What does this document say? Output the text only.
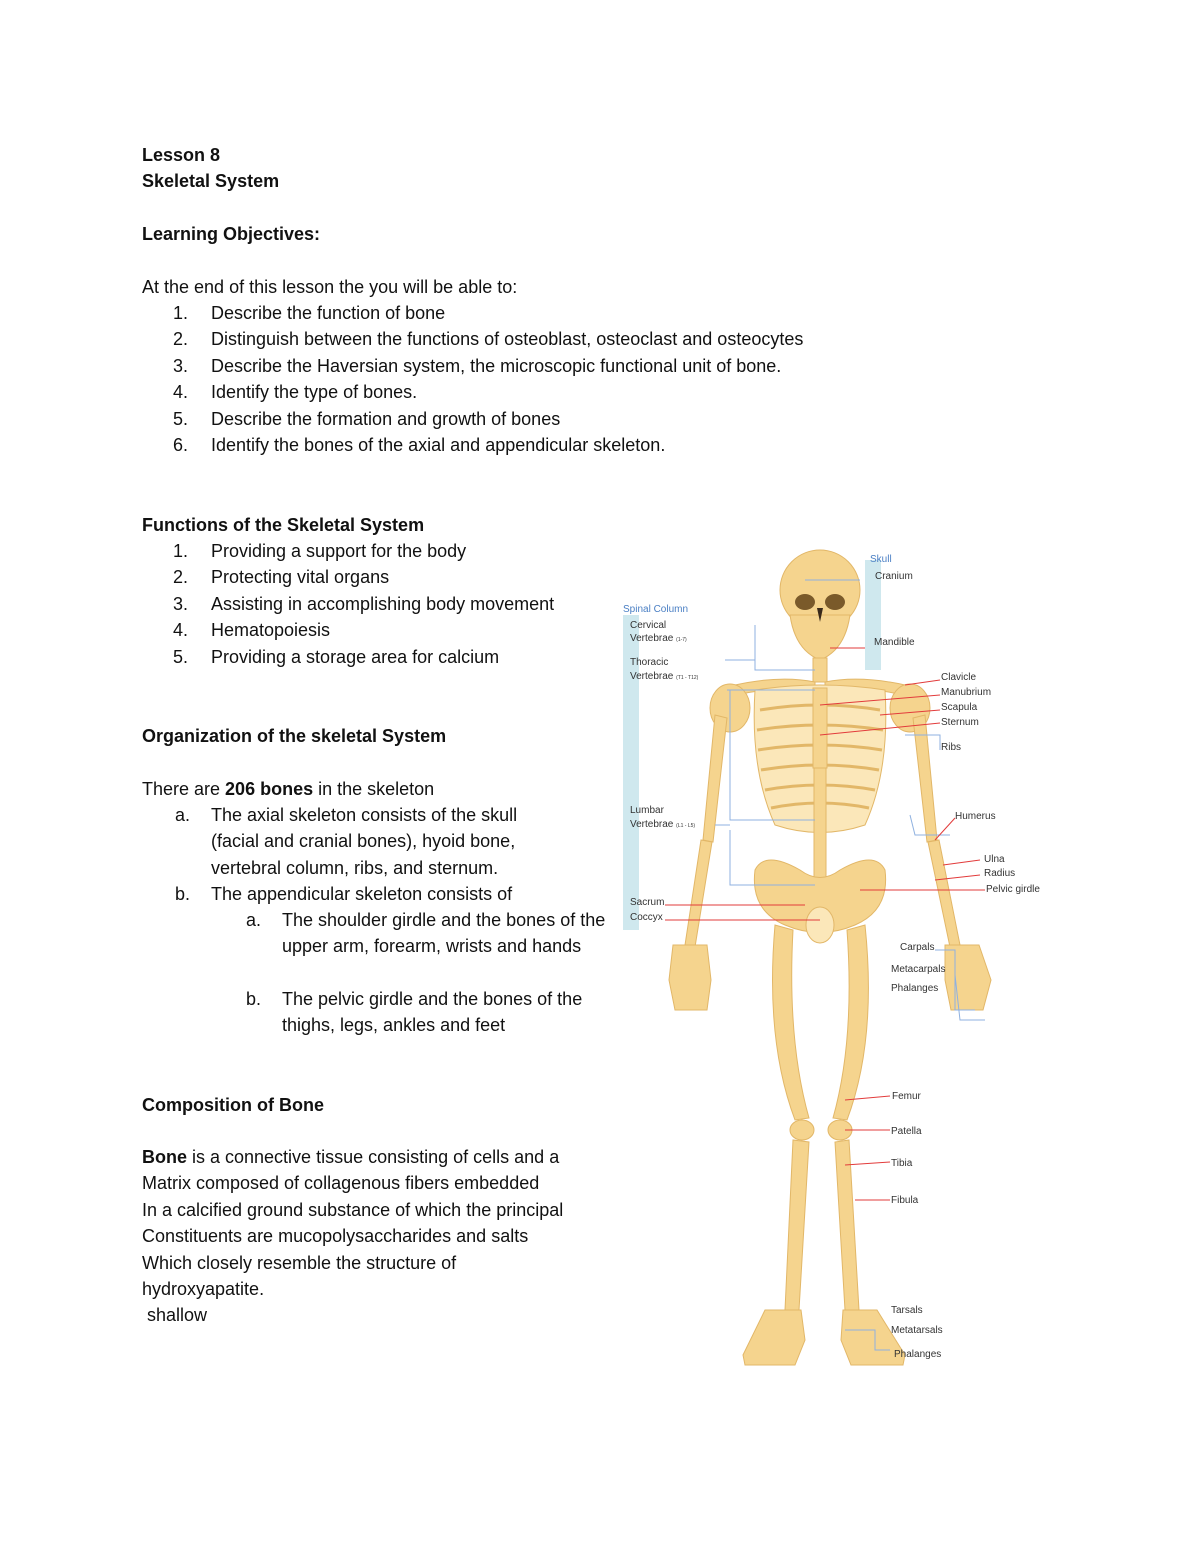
Lesson 8
Skeletal System
Learning Objectives:
At the end of this lesson the you will be able to:
1.	Describe the function of bone
2.	Distinguish between the functions of osteoblast, osteoclast and osteocytes
3.	Describe the Haversian system, the microscopic functional unit of bone.
4.	Identify the type of bones.
5.	Describe the formation and growth of bones
6.	Identify the bones of the axial and appendicular skeleton.
Functions of the Skeletal System
1.	Providing a support for the body
2.	Protecting vital organs
3.	Assisting in accomplishing body movement
4.	Hematopoiesis
5.	Providing a storage area for calcium
Organization of the skeletal System
There are 206 bones in the skeleton
a. The axial skeleton consists of the skull (facial and cranial bones), hyoid bone, vertebral column, ribs, and sternum.
b. The appendicular skeleton consists of
a. The shoulder girdle and the bones of the upper arm, forearm, wrists and hands
b. The pelvic girdle and the bones of the thighs, legs, ankles and feet
Composition of Bone
Bone is a connective tissue consisting of cells and a
Matrix composed of collagenous fibers embedded
In a calcified ground substance of which the principal
Constituents are mucopolysaccharides and salts
Which closely resemble the structure of
hydroxyapatite.
shallow
Skull
Cranium
Mandible
Spinal Column
Cervical
Vertebrae (1-7)
Thoracic
Vertebrae (T1 - T12)
Lumbar
Vertebrae (L1 - L5)
Sacrum
Coccyx
Clavicle
Manubrium
Scapula
Sternum
Ribs
Humerus
Ulna
Radius
Pelvic girdle
Carpals
Metacarpals
Phalanges
Femur
Patella
Tibia
Fibula
Tarsals
Metatarsals
Phalanges
